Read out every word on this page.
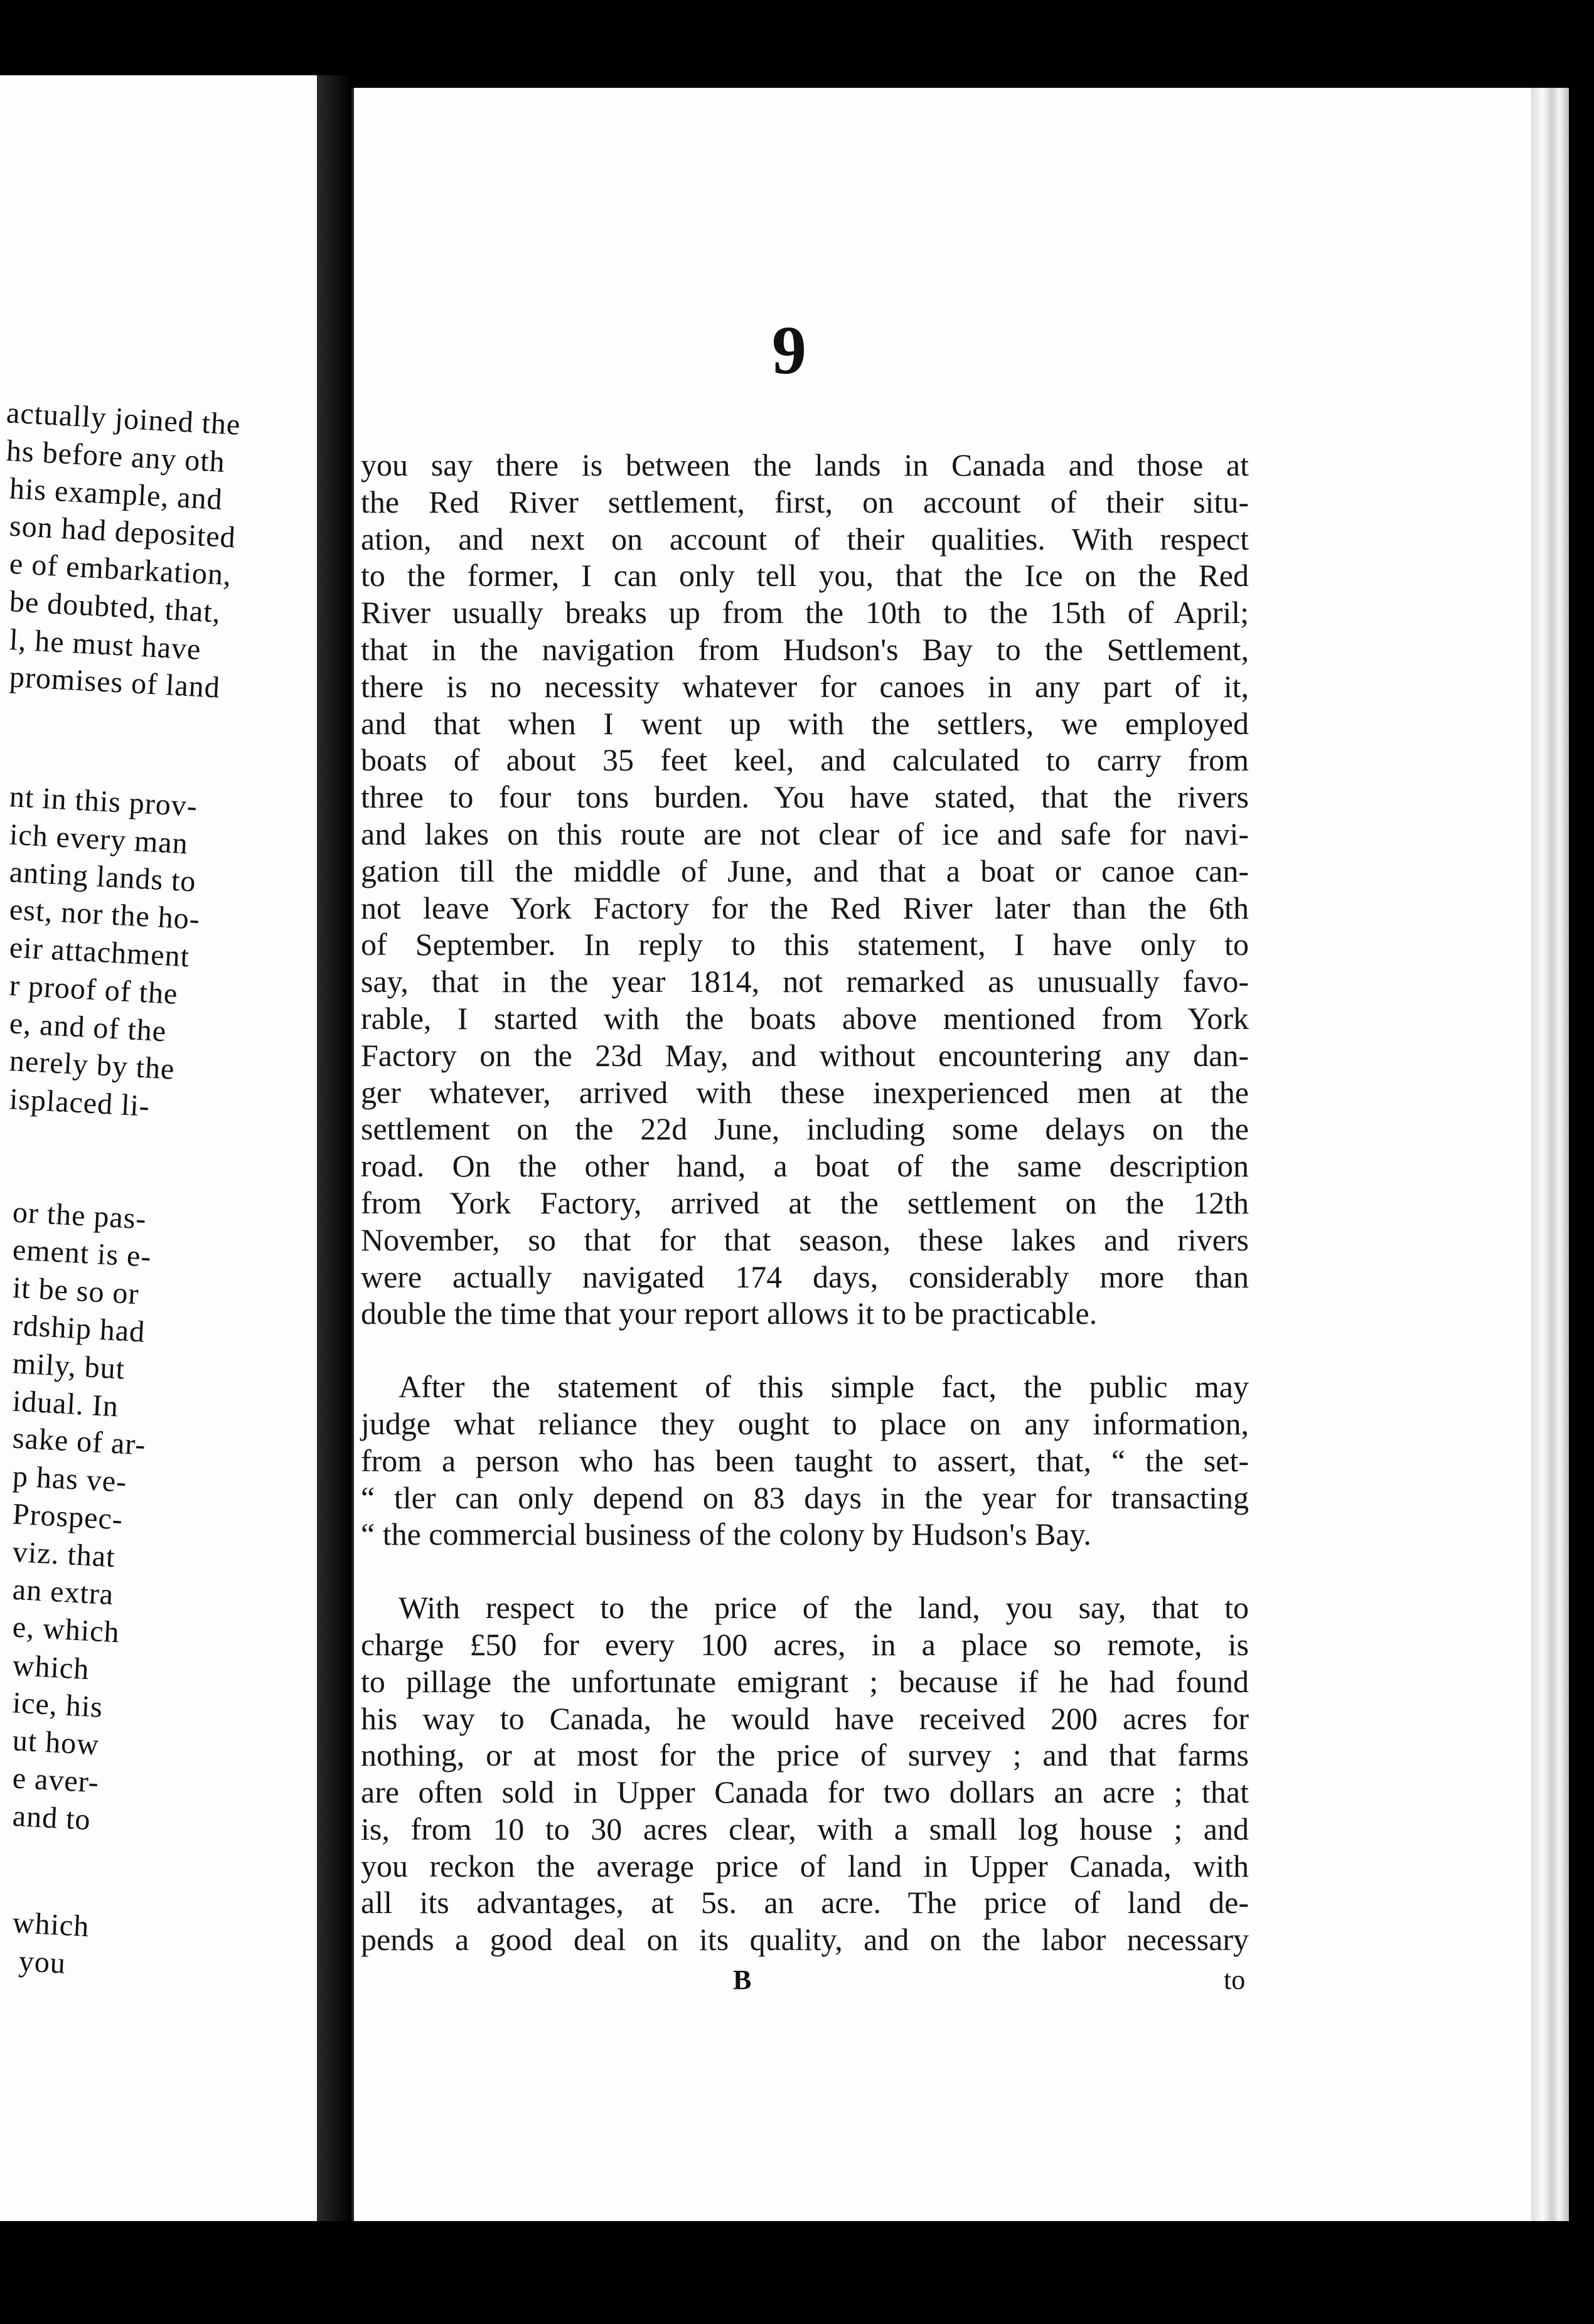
9

you say there is between the lands in Canada and those at

the Red River settlement, first, on account of their situ-

ation, and next on account of their qualities. With respect

to the former, I can only tell you, that the Ice on the Red

River usually breaks up from the 10th to the 15th of April;

that in the navigation from Hudson's Bay to the Settlement,

there is no necessity whatever for canoes in any part of it,

and that when I went up with the settlers, we employed

boats of about 35 feet keel, and calculated to carry from

three to four tons burden. You have stated, that the rivers

and lakes on this route are not clear of ice and safe for navi-

gation till the middle of June, and that a boat or canoe can-

not leave York Factory for the Red River later than the 6th

of September. In reply to this statement, I have only to

say, that in the year 1814, not remarked as unusually favo-

rable, I started with the boats above mentioned from York

Factory on the 23d May, and without encountering any dan-

ger whatever, arrived with these inexperienced men at the

settlement on the 22d June, including some delays on the

road. On the other hand, a boat of the same description

from York Factory, arrived at the settlement on the 12th

November, so that for that season, these lakes and rivers

were actually navigated 174 days, considerably more than

double the time that your report allows it to be practicable.

After the statement of this simple fact, the public may

judge what reliance they ought to place on any information,

from a person who has been taught to assert, that, “ the set-

“ tler can only depend on 83 days in the year for transacting

“ the commercial business of the colony by Hudson's Bay.

With respect to the price of the land, you say, that to

charge £50 for every 100 acres, in a place so remote, is

to pillage the unfortunate emigrant ; because if he had found

his way to Canada, he would have received 200 acres for

nothing, or at most for the price of survey ; and that farms

are often sold in Upper Canada for two dollars an acre ; that

is, from 10 to 30 acres clear, with a small log house ; and

you reckon the average price of land in Upper Canada, with

all its advantages, at 5s. an acre. The price of land de-

pends a good deal on its quality, and on the labor necessary

B	to
actually joined the
hs before any oth
his example, and
son had deposited
e of embarkation,
be doubted, that,
l, he must have
promises of land
nt in this prov-
ich every man
anting lands to
est, nor the ho-
eir attachment
r proof of the
e, and of the
nerely by the
isplaced li-
or the pas-
ement is e-
it be so or
rdship had
mily, but
idual. In
sake of ar-
p has ve-
Prospec-
viz. that
an extra
e, which
which
ice, his
ut how
e aver-
and to
which
you
